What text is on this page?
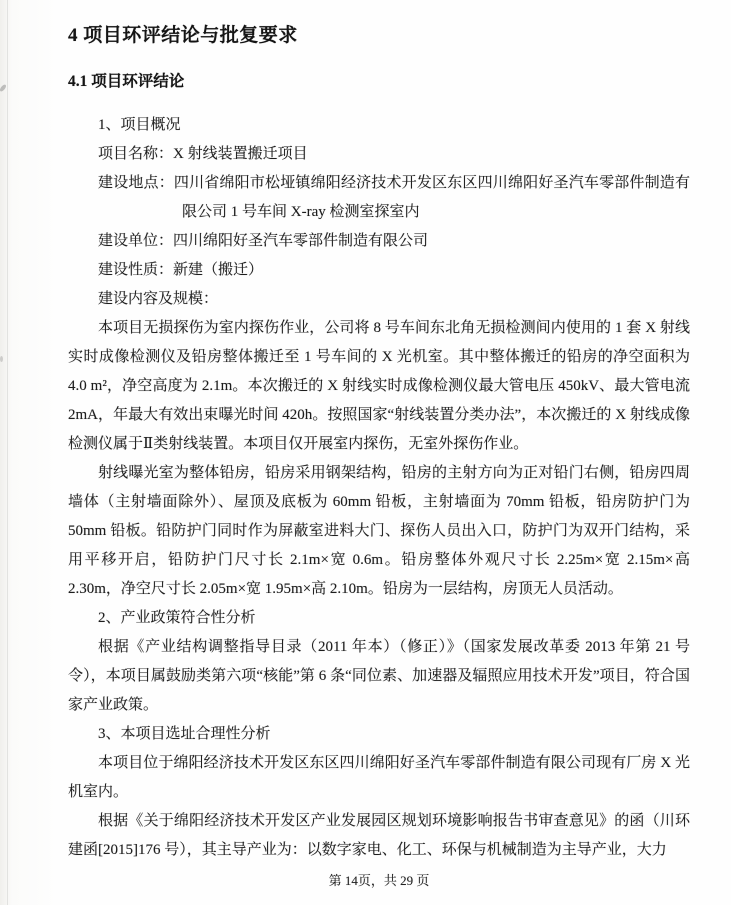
4 项目环评结论与批复要求
4.1 项目环评结论
1、项目概况
项目名称：X 射线装置搬迁项目
建设地点：四川省绵阳市松垭镇绵阳经济技术开发区东区四川绵阳好圣汽车零部件制造有限公司 1 号车间 X-ray 检测室探室内
建设单位：四川绵阳好圣汽车零部件制造有限公司
建设性质：新建（搬迁）
建设内容及规模：
本项目无损探伤为室内探伤作业，公司将 8 号车间东北角无损检测间内使用的 1 套 X 射线实时成像检测仪及铅房整体搬迁至 1 号车间的 X 光机室。其中整体搬迁的铅房的净空面积为 4.0 m²，净空高度为 2.1m。本次搬迁的 X 射线实时成像检测仪最大管电压 450kV、最大管电流 2mA，年最大有效出束曝光时间 420h。按照国家“射线装置分类办法”，本次搬迁的 X 射线成像检测仪属于Ⅱ类射线装置。本项目仅开展室内探伤，无室外探伤作业。
射线曝光室为整体铅房，铅房采用钢架结构，铅房的主射方向为正对铅门右侧，铅房四周墙体（主射墙面除外）、屋顶及底板为 60mm 铅板，主射墙面为 70mm 铅板，铅房防护门为 50mm 铅板。铅防护门同时作为屏蔽室进料大门、探伤人员出入口，防护门为双开门结构，采用平移开启，铅防护门尺寸长 2.1m×宽 0.6m。铅房整体外观尺寸长 2.25m×宽 2.15m×高 2.30m，净空尺寸长 2.05m×宽 1.95m×高 2.10m。铅房为一层结构，房顶无人员活动。
2、产业政策符合性分析
根据《产业结构调整指导目录（2011 年本）（修正）》（国家发展改革委 2013 年第 21 号令），本项目属鼓励类第六项“核能”第 6 条“同位素、加速器及辐照应用技术开发”项目，符合国家产业政策。
3、本项目选址合理性分析
本项目位于绵阳经济技术开发区东区四川绵阳好圣汽车零部件制造有限公司现有厂房 X 光机室内。
根据《关于绵阳经济技术开发区产业发展园区规划环境影响报告书审查意见》的函（川环建函[2015]176 号），其主导产业为：以数字家电、化工、环保与机械制造为主导产业，大力
第 14页，共 29 页
